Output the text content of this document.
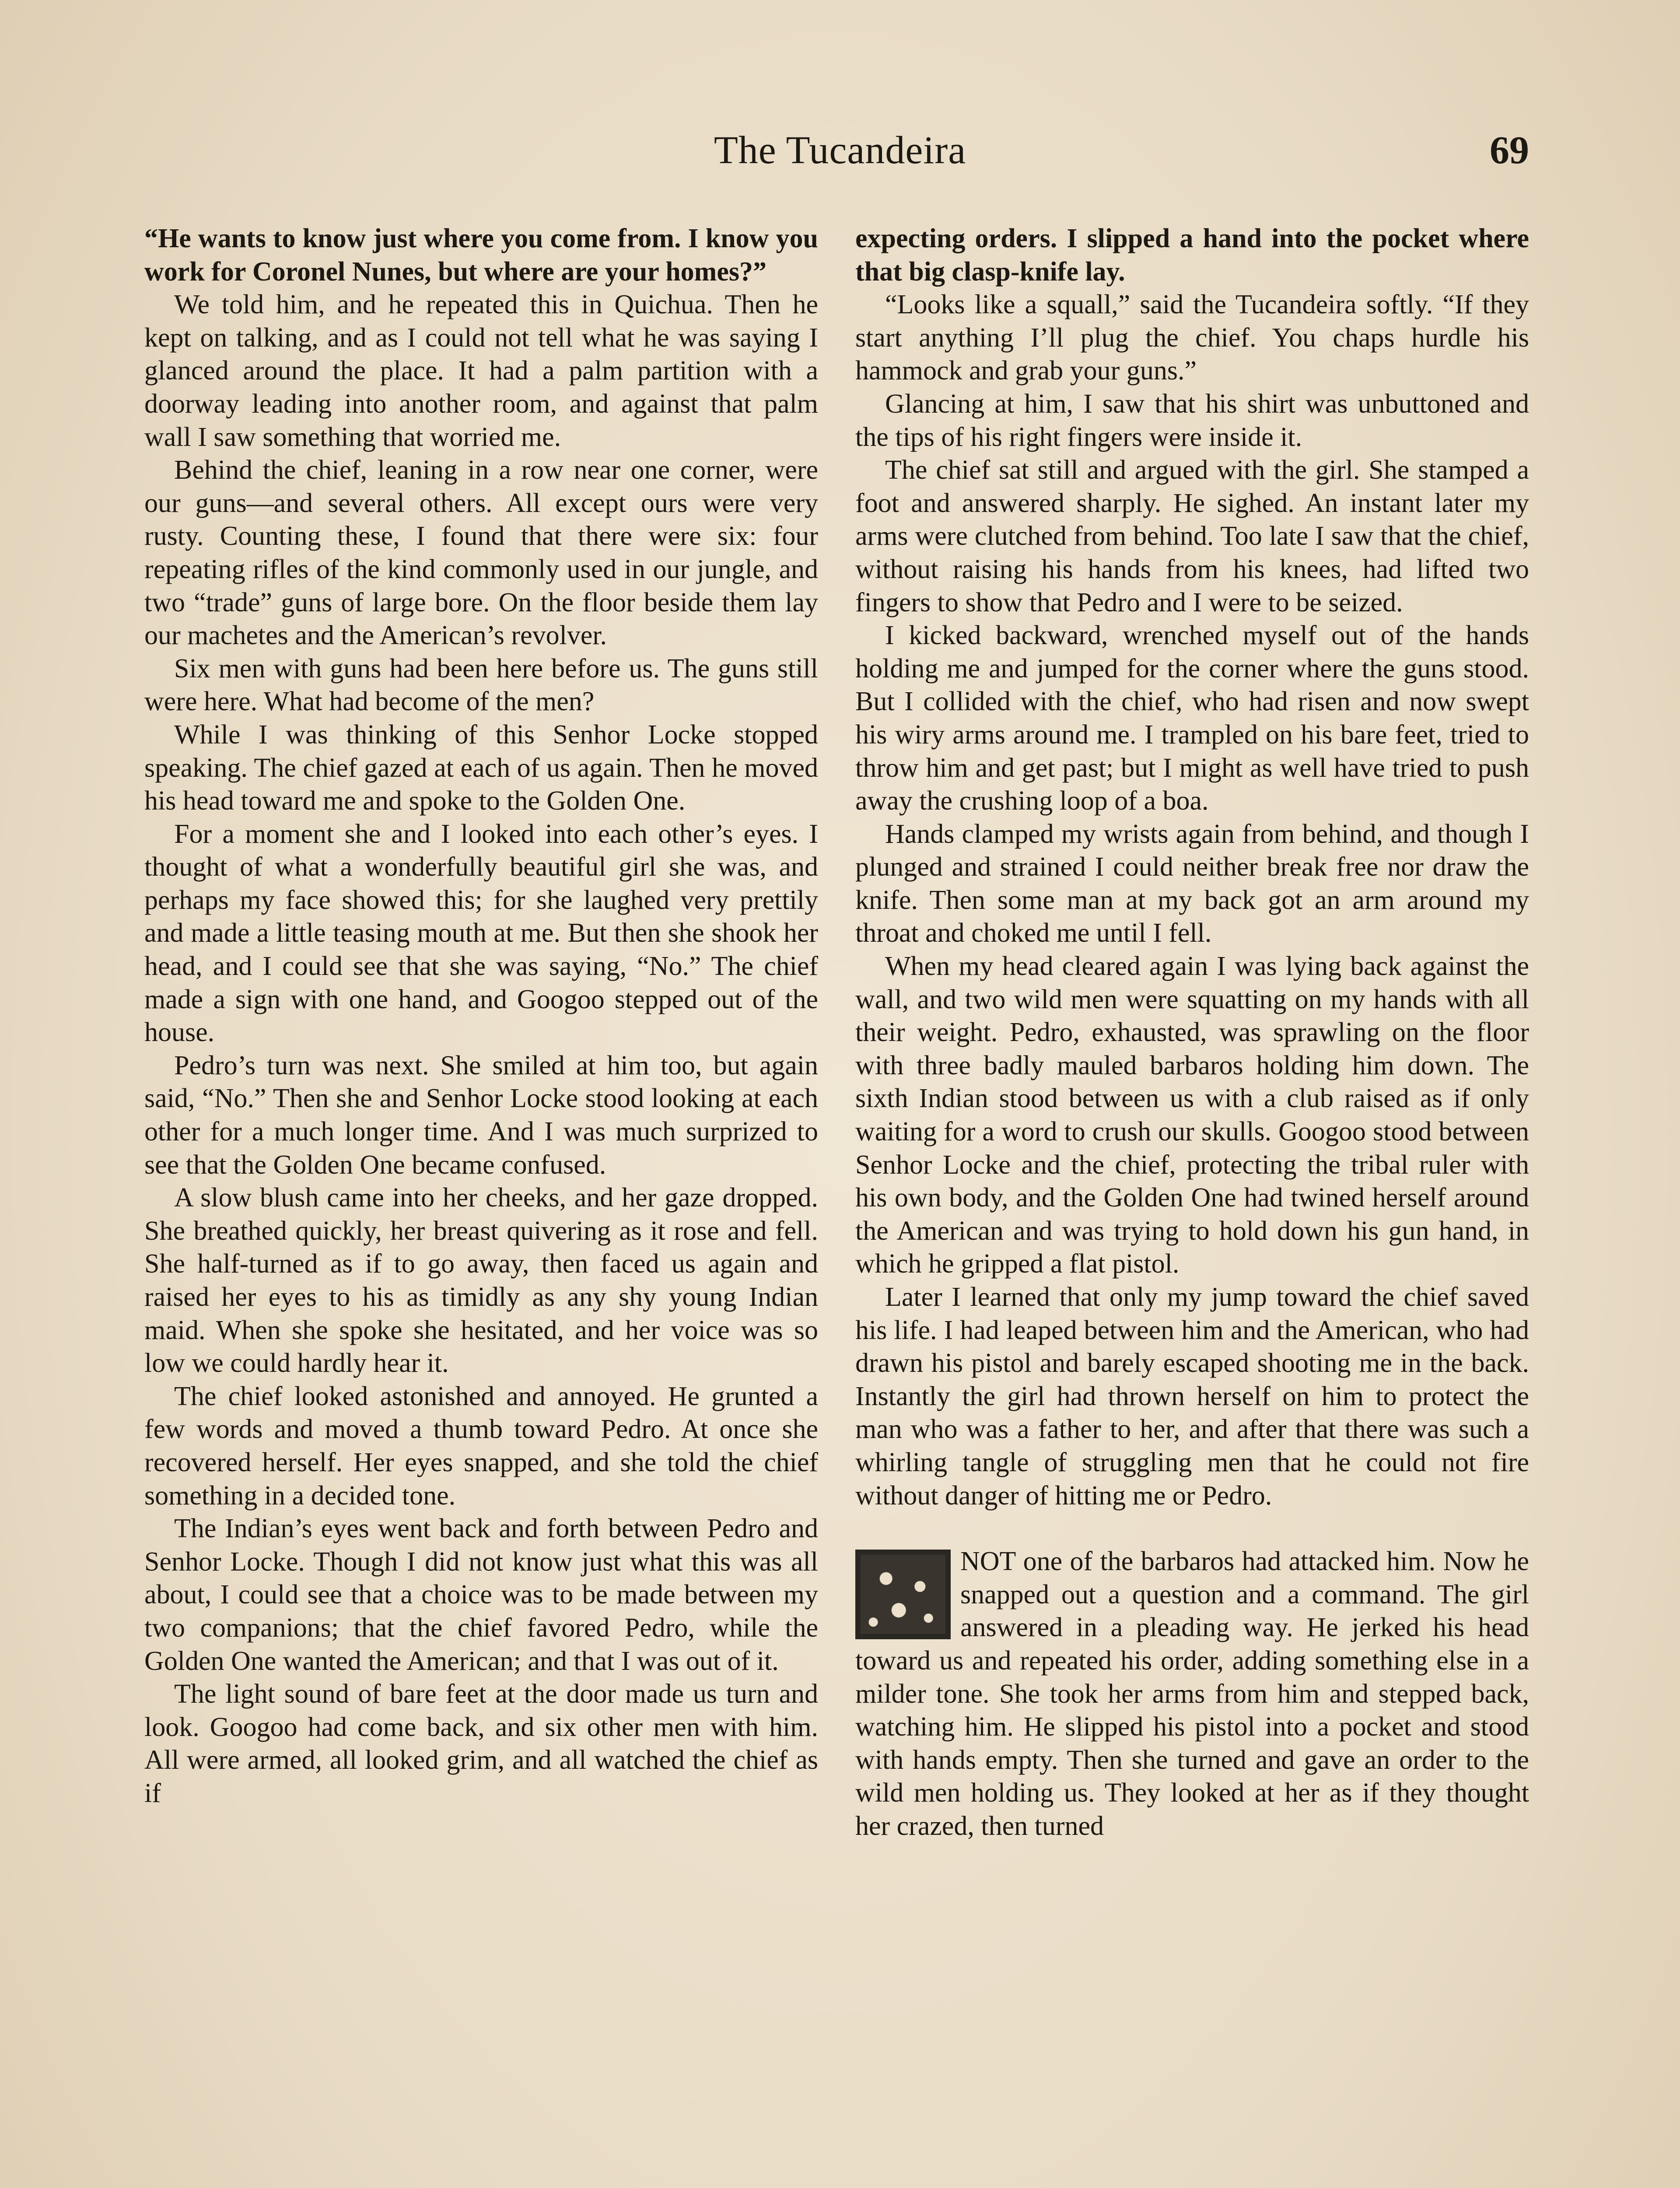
The Tucandeira	69

“He wants to know just where you come from. I know you work for Coronel Nunes, but where are your homes?”

We told him, and he repeated this in Quichua. Then he kept on talking, and as I could not tell what he was saying I glanced around the place. It had a palm partition with a doorway leading into another room, and against that palm wall I saw something that worried me.

Behind the chief, leaning in a row near one corner, were our guns—and several others. All except ours were very rusty. Counting these, I found that there were six: four repeating rifles of the kind commonly used in our jungle, and two “trade” guns of large bore. On the floor beside them lay our machetes and the American’s revolver.

Six men with guns had been here before us. The guns still were here. What had become of the men?

While I was thinking of this Senhor Locke stopped speaking. The chief gazed at each of us again. Then he moved his head toward me and spoke to the Golden One.

For a moment she and I looked into each other’s eyes. I thought of what a wonderfully beautiful girl she was, and perhaps my face showed this; for she laughed very prettily and made a little teasing mouth at me. But then she shook her head, and I could see that she was saying, “No.” The chief made a sign with one hand, and Googoo stepped out of the house.

Pedro’s turn was next. She smiled at him too, but again said, “No.” Then she and Senhor Locke stood looking at each other for a much longer time. And I was much surprized to see that the Golden One became confused.

A slow blush came into her cheeks, and her gaze dropped. She breathed quickly, her breast quivering as it rose and fell. She half-turned as if to go away, then faced us again and raised her eyes to his as timidly as any shy young Indian maid. When she spoke she hesitated, and her voice was so low we could hardly hear it.

The chief looked astonished and annoyed. He grunted a few words and moved a thumb toward Pedro. At once she recovered herself. Her eyes snapped, and she told the chief something in a decided tone.

The Indian’s eyes went back and forth between Pedro and Senhor Locke. Though I did not know just what this was all about, I could see that a choice was to be made between my two companions; that the chief favored Pedro, while the Golden One wanted the American; and that I was out of it.

The light sound of bare feet at the door made us turn and look. Googoo had come back, and six other men with him. All were armed, all looked grim, and all watched the chief as if

expecting orders. I slipped a hand into the pocket where that big clasp-knife lay.

“Looks like a squall,” said the Tucandeira softly. “If they start anything I’ll plug the chief. You chaps hurdle his hammock and grab your guns.”

Glancing at him, I saw that his shirt was unbuttoned and the tips of his right fingers were inside it.

The chief sat still and argued with the girl. She stamped a foot and answered sharply. He sighed. An instant later my arms were clutched from behind. Too late I saw that the chief, without raising his hands from his knees, had lifted two fingers to show that Pedro and I were to be seized.

I kicked backward, wrenched myself out of the hands holding me and jumped for the corner where the guns stood. But I collided with the chief, who had risen and now swept his wiry arms around me. I trampled on his bare feet, tried to throw him and get past; but I might as well have tried to push away the crushing loop of a boa.

Hands clamped my wrists again from behind, and though I plunged and strained I could neither break free nor draw the knife. Then some man at my back got an arm around my throat and choked me until I fell.

When my head cleared again I was lying back against the wall, and two wild men were squatting on my hands with all their weight. Pedro, exhausted, was sprawling on the floor with three badly mauled barbaros holding him down. The sixth Indian stood between us with a club raised as if only waiting for a word to crush our skulls. Googoo stood between Senhor Locke and the chief, protecting the tribal ruler with his own body, and the Golden One had twined herself around the American and was trying to hold down his gun hand, in which he gripped a flat pistol.

Later I learned that only my jump toward the chief saved his life. I had leaped between him and the American, who had drawn his pistol and barely escaped shooting me in the back. Instantly the girl had thrown herself on him to protect the man who was a father to her, and after that there was such a whirling tangle of struggling men that he could not fire without danger of hitting me or Pedro.

NOT one of the barbaros had attacked him. Now he snapped out a question and a command. The girl answered in a pleading way. He jerked his head toward us and repeated his order, adding something else in a milder tone. She took her arms from him and stepped back, watching him. He slipped his pistol into a pocket and stood with hands empty. Then she turned and gave an order to the wild men holding us. They looked at her as if they thought her crazed, then turned
